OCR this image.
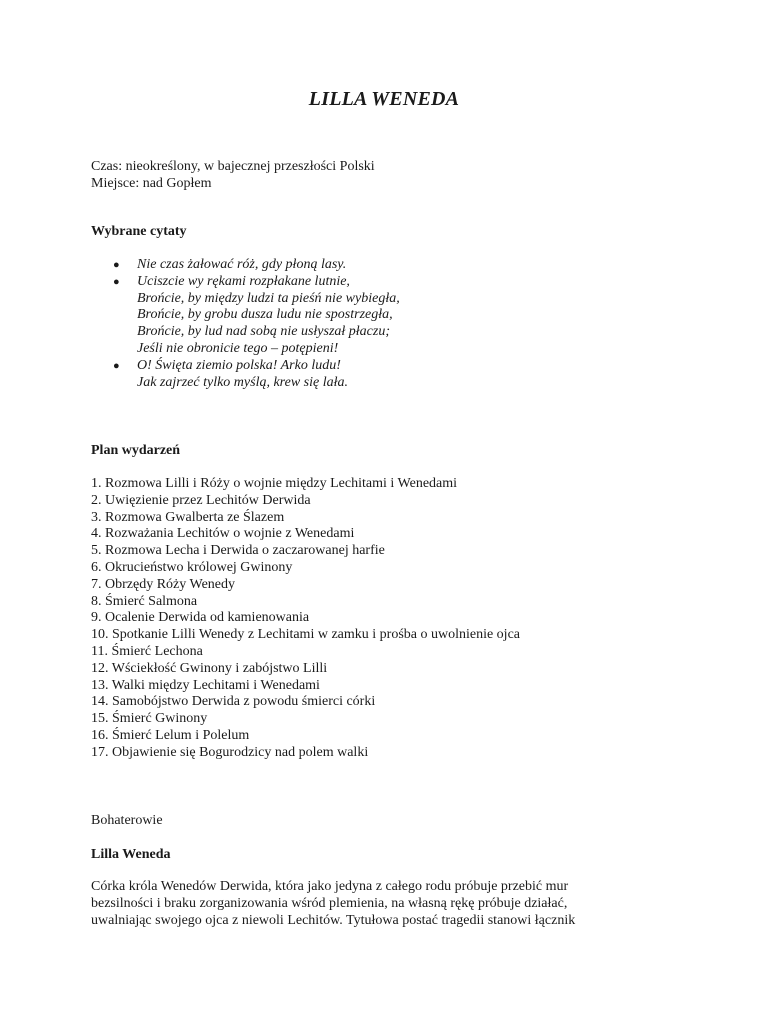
LILLA WENEDA
Czas: nieokreślony, w bajecznej przeszłości Polski
Miejsce: nad Gopłem
Wybrane cytaty
● Nie czas żałować róż, gdy płoną lasy.
● Uciszcie wy rękami rozpłakane lutnie,
Brońcie, by między ludzi ta pieśń nie wybiegła,
Brońcie, by grobu dusza ludu nie spostrzegła,
Brońcie, by lud nad sobą nie usłyszał płaczu;
Jeśli nie obronicie tego – potępieni!
● O! Święta ziemio polska! Arko ludu!
Jak zajrzeć tylko myślą, krew się lała.
Plan wydarzeń
1. Rozmowa Lilli i Róży o wojnie między Lechitami i Wenedami
2. Uwięzienie przez Lechitów Derwida
3. Rozmowa Gwalberta ze Ślazem
4. Rozważania Lechitów o wojnie z Wenedami
5. Rozmowa Lecha i Derwida o zaczarowanej harfie
6. Okrucieństwo królowej Gwinony
7. Obrzędy Róży Wenedy
8. Śmierć Salmona
9. Ocalenie Derwida od kamienowania
10. Spotkanie Lilli Wenedy z Lechitami w zamku i prośba o uwolnienie ojca
11. Śmierć Lechona
12. Wściekłość Gwinony i zabójstwo Lilli
13. Walki między Lechitami i Wenedami
14. Samobójstwo Derwida z powodu śmierci córki
15. Śmierć Gwinony
16. Śmierć Lelum i Polelum
17. Objawienie się Bogurodzicy nad polem walki
Bohaterowie
Lilla Weneda
Córka króla Wenedów Derwida, która jako jedyna z całego rodu próbuje przebić mur
bezsilności i braku zorganizowania wśród plemienia, na własną rękę próbuje działać,
uwalniając swojego ojca z niewoli Lechitów. Tytułowa postać tragedii stanowi łącznik
